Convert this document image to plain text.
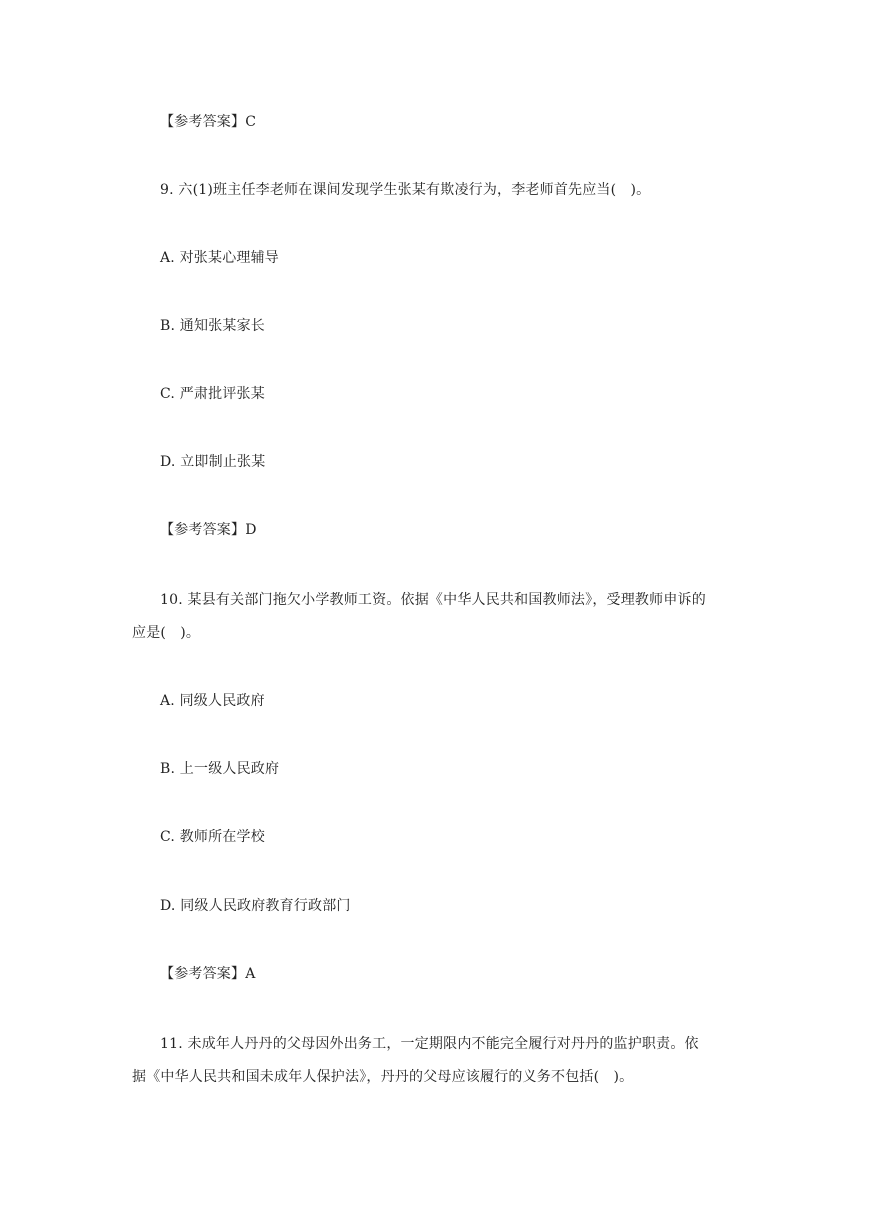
【参考答案】C
9. 六(1)班主任李老师在课间发现学生张某有欺凌行为，李老师首先应当(　)。
A. 对张某心理辅导
B. 通知张某家长
C. 严肃批评张某
D. 立即制止张某
【参考答案】D
10. 某县有关部门拖欠小学教师工资。依据《中华人民共和国教师法》，受理教师申诉的
应是(　)。
A. 同级人民政府
B. 上一级人民政府
C. 教师所在学校
D. 同级人民政府教育行政部门
【参考答案】A
11. 未成年人丹丹的父母因外出务工，一定期限内不能完全履行对丹丹的监护职责。依
据《中华人民共和国未成年人保护法》，丹丹的父母应该履行的义务不包括(　)。
